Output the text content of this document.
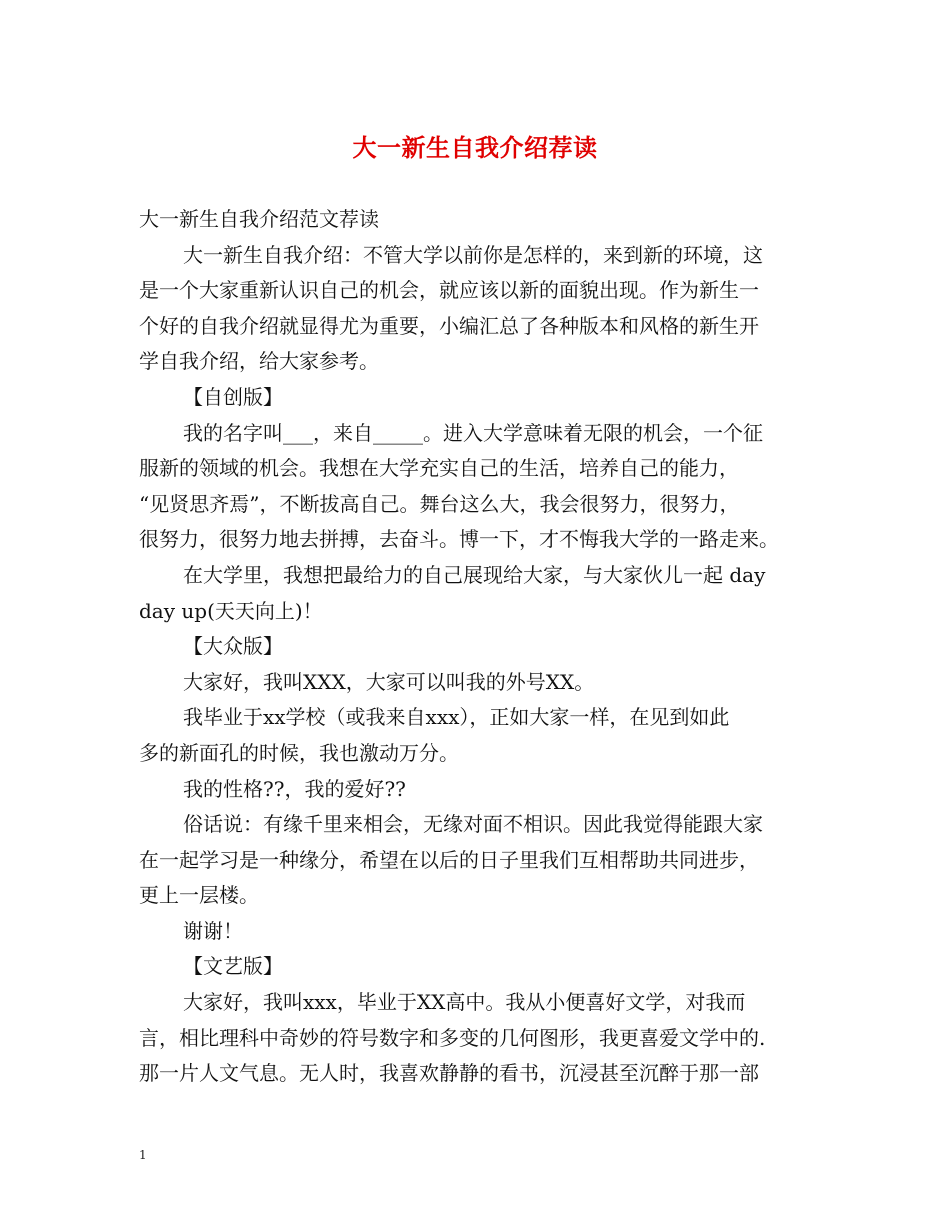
大一新生自我介绍荐读
大一新生自我介绍范文荐读
大一新生自我介绍：不管大学以前你是怎样的，来到新的环境，这
是一个大家重新认识自己的机会，就应该以新的面貌出现。作为新生一
个好的自我介绍就显得尤为重要，小编汇总了各种版本和风格的新生开
学自我介绍，给大家参考。
【自创版】
我的名字叫___，来自_____。进入大学意味着无限的机会，一个征
服新的领域的机会。我想在大学充实自己的生活，培养自己的能力，
“见贤思齐焉”，不断拔高自己。舞台这么大，我会很努力，很努力，
很努力，很努力地去拼搏，去奋斗。博一下，才不悔我大学的一路走来。
在大学里，我想把最给力的自己展现给大家，与大家伙儿一起 day
day up(天天向上)！
【大众版】
大家好，我叫XXX，大家可以叫我的外号XX。
我毕业于xx学校（或我来自xxx），正如大家一样，在见到如此
多的新面孔的时候，我也激动万分。
我的性格??，我的爱好??
俗话说：有缘千里来相会，无缘对面不相识。因此我觉得能跟大家
在一起学习是一种缘分，希望在以后的日子里我们互相帮助共同进步，
更上一层楼。
谢谢！
【文艺版】
大家好，我叫xxx，毕业于XX高中。我从小便喜好文学，对我而
言，相比理科中奇妙的符号数字和多变的几何图形，我更喜爱文学中的.
那一片人文气息。无人时，我喜欢静静的看书，沉浸甚至沉醉于那一部
1
